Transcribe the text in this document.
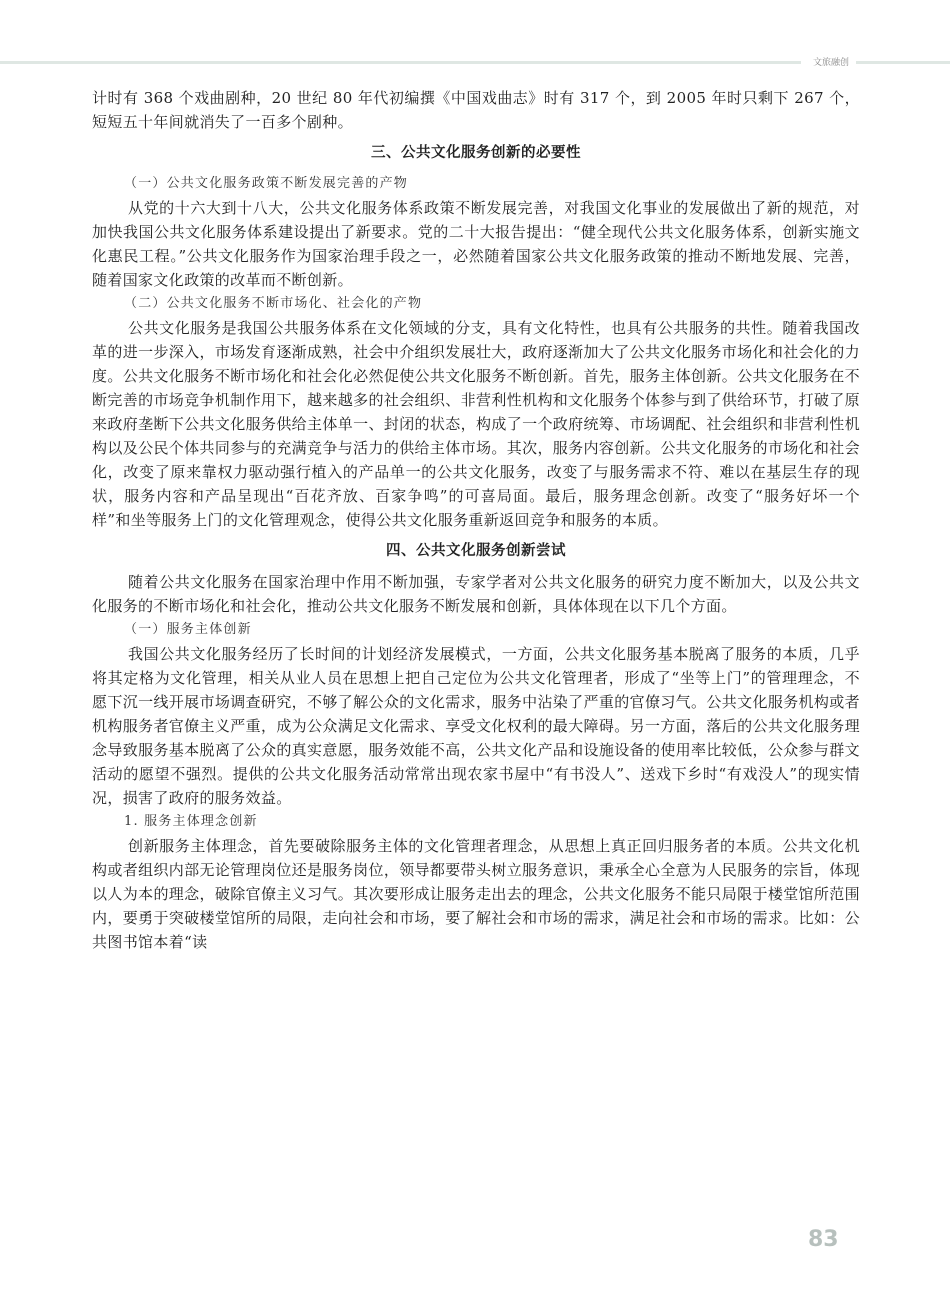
文旅融创

计时有 368 个戏曲剧种，20 世纪 80 年代初编撰《中国戏曲志》时有 317 个，到 2005 年时只剩下 267 个，短短五十年间就消失了一百多个剧种。

三、公共文化服务创新的必要性

（一）公共文化服务政策不断发展完善的产物

从党的十六大到十八大，公共文化服务体系政策不断发展完善，对我国文化事业的发展做出了新的规范，对加快我国公共文化服务体系建设提出了新要求。党的二十大报告提出：“健全现代公共文化服务体系，创新实施文化惠民工程。”公共文化服务作为国家治理手段之一，必然随着国家公共文化服务政策的推动不断地发展、完善，随着国家文化政策的改革而不断创新。

（二）公共文化服务不断市场化、社会化的产物

公共文化服务是我国公共服务体系在文化领域的分支，具有文化特性，也具有公共服务的共性。随着我国改革的进一步深入，市场发育逐渐成熟，社会中介组织发展壮大，政府逐渐加大了公共文化服务市场化和社会化的力度。公共文化服务不断市场化和社会化必然促使公共文化服务不断创新。首先，服务主体创新。公共文化服务在不断完善的市场竞争机制作用下，越来越多的社会组织、非营利性机构和文化服务个体参与到了供给环节，打破了原来政府垄断下公共文化服务供给主体单一、封闭的状态，构成了一个政府统筹、市场调配、社会组织和非营利性机构以及公民个体共同参与的充满竞争与活力的供给主体市场。其次，服务内容创新。公共文化服务的市场化和社会化，改变了原来靠权力驱动强行植入的产品单一的公共文化服务，改变了与服务需求不符、难以在基层生存的现状，服务内容和产品呈现出“百花齐放、百家争鸣”的可喜局面。最后，服务理念创新。改变了“服务好坏一个样”和坐等服务上门的文化管理观念，使得公共文化服务重新返回竞争和服务的本质。

四、公共文化服务创新尝试

随着公共文化服务在国家治理中作用不断加强，专家学者对公共文化服务的研究力度不断加大，以及公共文化服务的不断市场化和社会化，推动公共文化服务不断发展和创新，具体体现在以下几个方面。

（一）服务主体创新

我国公共文化服务经历了长时间的计划经济发展模式，一方面，公共文化服务基本脱离了服务的本质，几乎将其定格为文化管理，相关从业人员在思想上把自己定位为公共文化管理者，形成了“坐等上门”的管理理念，不愿下沉一线开展市场调查研究，不够了解公众的文化需求，服务中沾染了严重的官僚习气。公共文化服务机构或者机构服务者官僚主义严重，成为公众满足文化需求、享受文化权利的最大障碍。另一方面，落后的公共文化服务理念导致服务基本脱离了公众的真实意愿，服务效能不高，公共文化产品和设施设备的使用率比较低，公众参与群文活动的愿望不强烈。提供的公共文化服务活动常常出现农家书屋中“有书没人”、送戏下乡时“有戏没人”的现实情况，损害了政府的服务效益。

1. 服务主体理念创新

创新服务主体理念，首先要破除服务主体的文化管理者理念，从思想上真正回归服务者的本质。公共文化机构或者组织内部无论管理岗位还是服务岗位，领导都要带头树立服务意识，秉承全心全意为人民服务的宗旨，体现以人为本的理念，破除官僚主义习气。其次要形成让服务走出去的理念，公共文化服务不能只局限于楼堂馆所范围内，要勇于突破楼堂馆所的局限，走向社会和市场，要了解社会和市场的需求，满足社会和市场的需求。比如：公共图书馆本着“读

83
